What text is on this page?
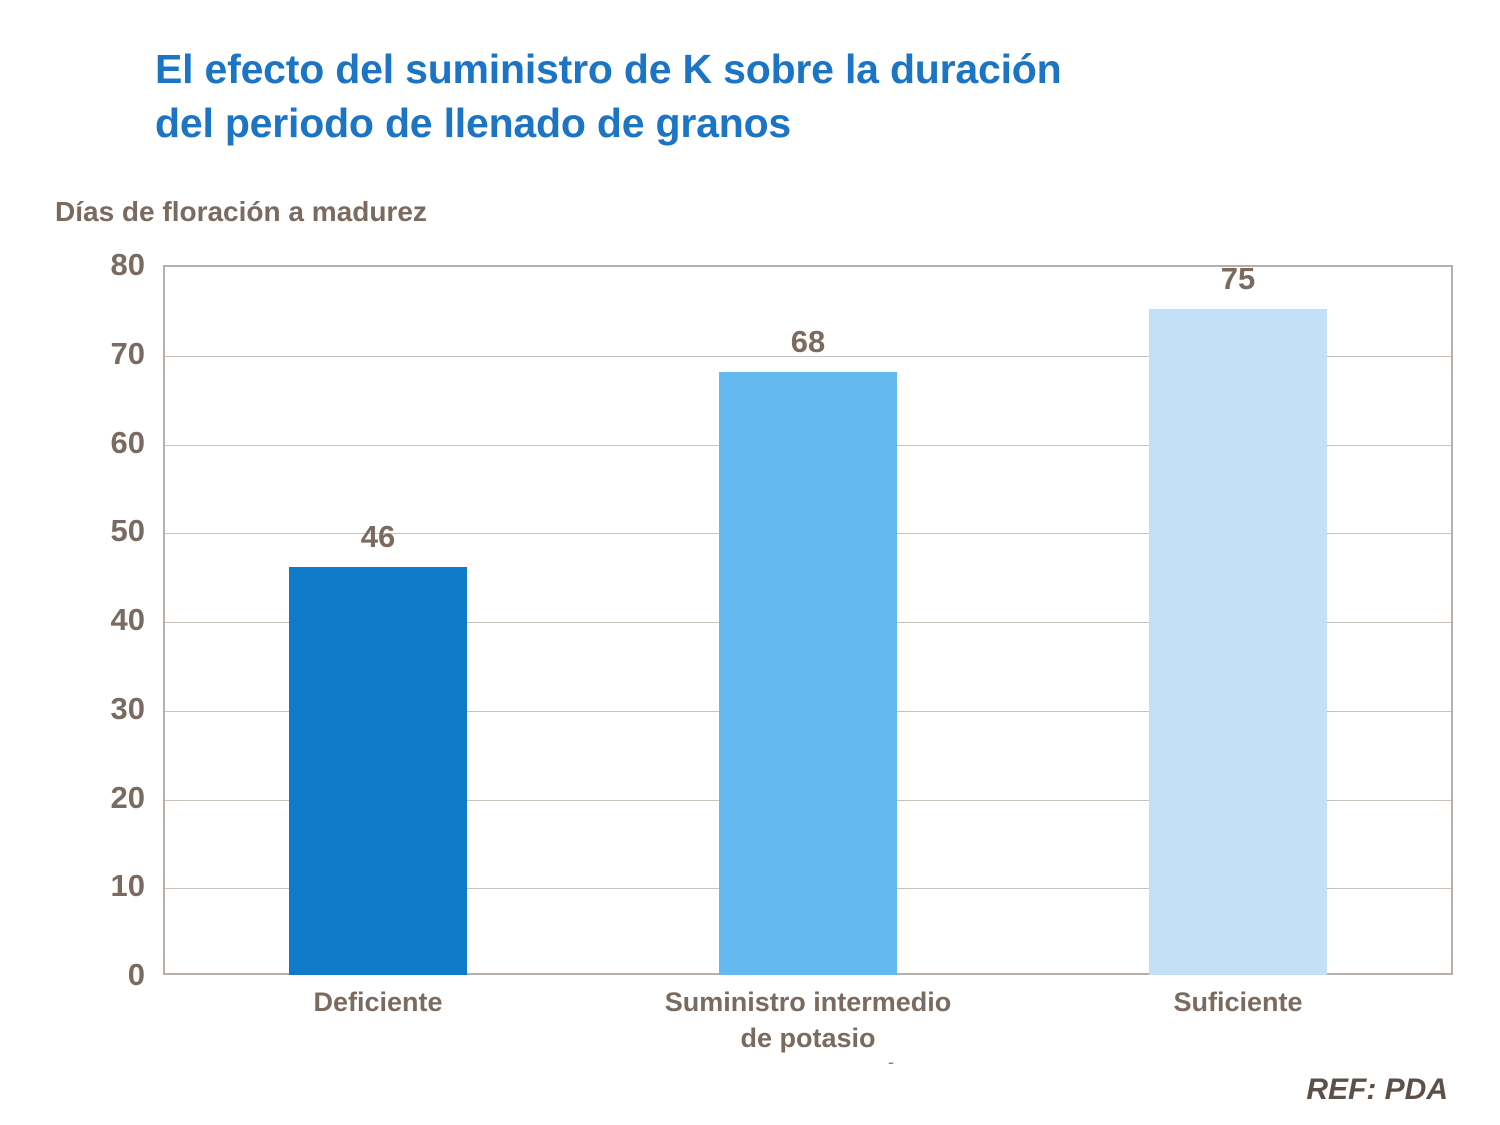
El efecto del suministro de K sobre la duración
del periodo de llenado de granos
Días de floración a madurez
80
70
60
50
40
30
20
10
0
46
68
75
Deficiente	Suministro intermedio
de potasio
Suficiente
-
REF: PDA
